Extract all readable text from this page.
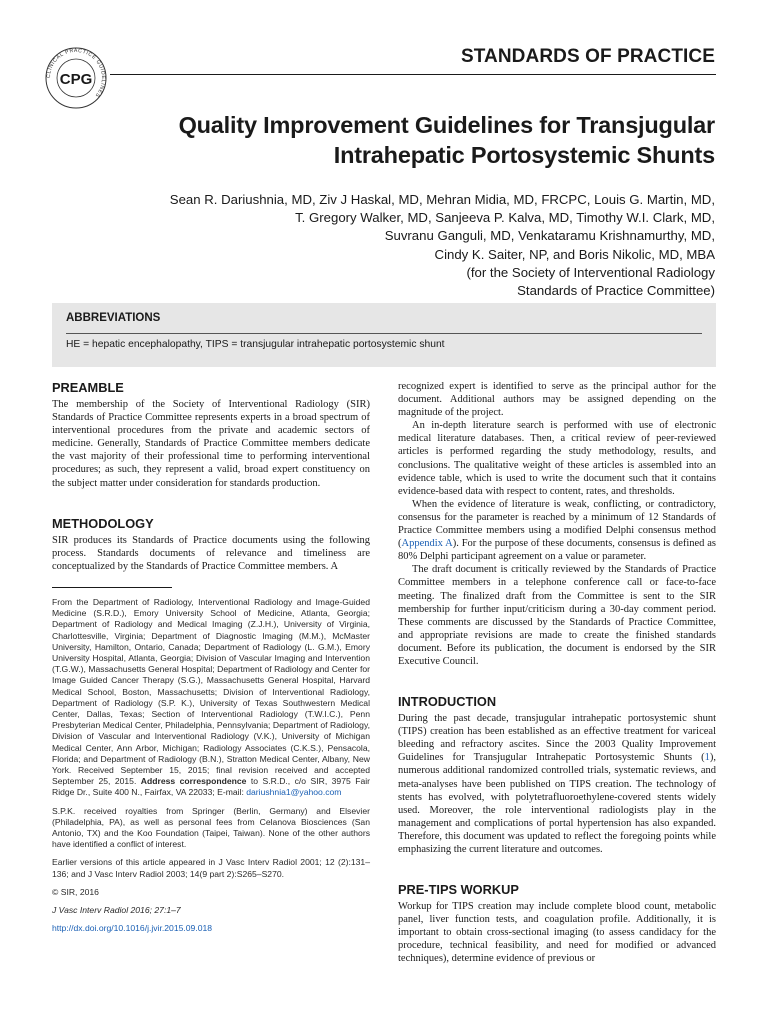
CLINICAL PRACTICE GUIDELINES
CPG
STANDARDS OF PRACTICE
Quality Improvement Guidelines for Transjugular
Intrahepatic Portosystemic Shunts
Sean R. Dariushnia, MD, Ziv J Haskal, MD, Mehran Midia, MD, FRCPC, Louis G. Martin, MD,
T. Gregory Walker, MD, Sanjeeva P. Kalva, MD, Timothy W.I. Clark, MD,
Suvranu Ganguli, MD, Venkataramu Krishnamurthy, MD,
Cindy K. Saiter, NP, and Boris Nikolic, MD, MBA
(for the Society of Interventional Radiology
Standards of Practice Committee)
ABBREVIATIONS
HE = hepatic encephalopathy, TIPS = transjugular intrahepatic portosystemic shunt
PREAMBLE

The membership of the Society of Interventional Radiology (SIR) Standards of Practice Committee represents experts in a broad spectrum of interventional procedures from the private and academic sectors of medicine. Generally, Standards of Practice Committee members dedicate the vast majority of their professional time to performing interventional procedures; as such, they represent a valid, broad expert constituency on the subject matter under consideration for standards production.

METHODOLOGY

SIR produces its Standards of Practice documents using the following process. Standards documents of relevance and timeliness are conceptualized by the Standards of Practice Committee members. A

From the Department of Radiology, Interventional Radiology and Image-Guided Medicine (S.R.D.), Emory University School of Medicine, Atlanta, Georgia; Department of Radiology and Medical Imaging (Z.J.H.), University of Virginia, Charlottesville, Virginia; Department of Diagnostic Imaging (M.M.), McMaster University, Hamilton, Ontario, Canada; Department of Radiology (L. G.M.), Emory University Hospital, Atlanta, Georgia; Division of Vascular Imaging and Intervention (T.G.W.), Massachusetts General Hospital; Department of Radiology and Center for Image Guided Cancer Therapy (S.G.), Massachusetts General Hospital, Harvard Medical School, Boston, Massachusetts; Division of Interventional Radiology, Department of Radiology (S.P. K.), University of Texas Southwestern Medical Center, Dallas, Texas; Section of Interventional Radiology (T.W.I.C.), Penn Presbyterian Medical Center, Philadelphia, Pennsylvania; Department of Radiology, Division of Vascular and Interventional Radiology (V.K.), University of Michigan Medical Center, Ann Arbor, Michigan; Radiology Associates (C.K.S.), Pensacola, Florida; and Department of Radiology (B.N.), Stratton Medical Center, Albany, New York. Received September 15, 2015; final revision received and accepted September 25, 2015. Address correspondence to S.R.D., c/o SIR, 3975 Fair Ridge Dr., Suite 400 N., Fairfax, VA 22033; E-mail: dariushnia1@yahoo.com

S.P.K. received royalties from Springer (Berlin, Germany) and Elsevier (Philadelphia, PA), as well as personal fees from Celanova Biosciences (San Antonio, TX) and the Koo Foundation (Taipei, Taiwan). None of the other authors have identified a conflict of interest.

Earlier versions of this article appeared in J Vasc Interv Radiol 2001; 12 (2):131–136; and J Vasc Interv Radiol 2003; 14(9 part 2):S265–S270.

© SIR, 2016

J Vasc Interv Radiol 2016; 27:1–7

http://dx.doi.org/10.1016/j.jvir.2015.09.018

recognized expert is identified to serve as the principal author for the document. Additional authors may be assigned depending on the magnitude of the project.

An in-depth literature search is performed with use of electronic medical literature databases. Then, a critical review of peer-reviewed articles is performed regarding the study methodology, results, and conclusions. The qualitative weight of these articles is assembled into an evidence table, which is used to write the document such that it contains evidence-based data with respect to content, rates, and thresholds.

When the evidence of literature is weak, conflicting, or contradictory, consensus for the parameter is reached by a minimum of 12 Standards of Practice Committee members using a modified Delphi consensus method (Appendix A). For the purpose of these documents, consensus is defined as 80% Delphi participant agreement on a value or parameter.

The draft document is critically reviewed by the Standards of Practice Committee members in a telephone conference call or face-to-face meeting. The finalized draft from the Committee is sent to the SIR membership for further input/criticism during a 30-day comment period. These comments are discussed by the Standards of Practice Committee, and appropriate revisions are made to create the finished standards document. Before its publication, the document is endorsed by the SIR Executive Council.

INTRODUCTION

During the past decade, transjugular intrahepatic portosystemic shunt (TIPS) creation has been established as an effective treatment for variceal bleeding and refractory ascites. Since the 2003 Quality Improvement Guidelines for Transjugular Intrahepatic Portosystemic Shunts (1), numerous additional randomized controlled trials, systematic reviews, and meta-analyses have been published on TIPS creation. The technology of stents has evolved, with polytetrafluoroethylene-covered stents widely used. Moreover, the role interventional radiologists play in the management and complications of portal hypertension has also expanded. Therefore, this document was updated to reflect the foregoing points while emphasizing the current literature and outcomes.

PRE-TIPS WORKUP

Workup for TIPS creation may include complete blood count, metabolic panel, liver function tests, and coagulation profile. Additionally, it is important to obtain cross-sectional imaging (to assess candidacy for the procedure, technical feasibility, and need for modified or advanced techniques), determine evidence of previous or
